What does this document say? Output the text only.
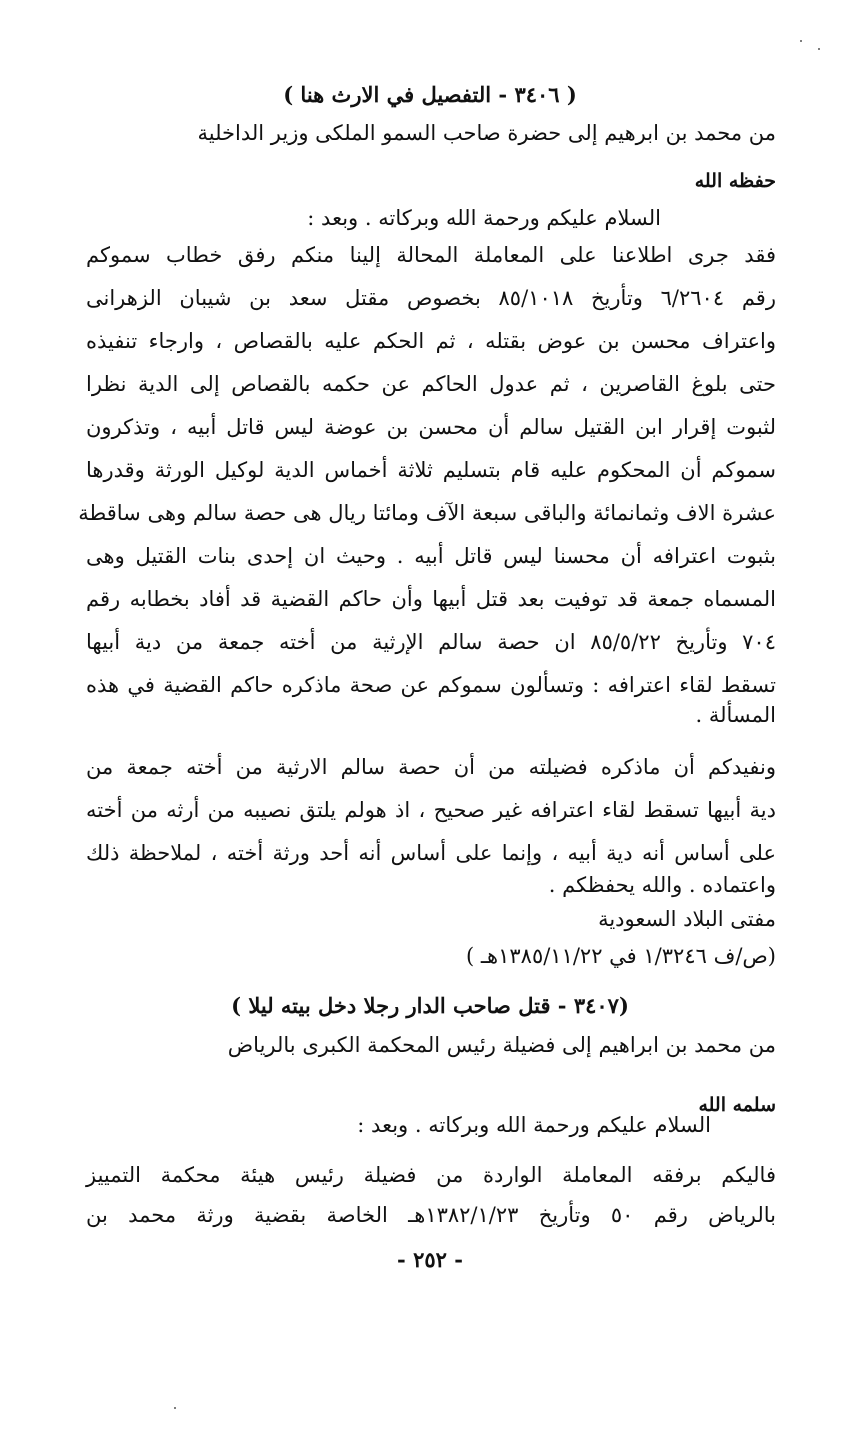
( ٣٤٠٦ - التفصيل في الارث هنا )
من محمد بن ابرهيم إلى حضرة صاحب السمو الملكى وزير الداخلية
حفظه الله
السلام عليكم ورحمة الله وبركاته . وبعد :
فقد جرى اطلاعنا على المعاملة المحالة إلينا منكم رفق خطاب سموكم
رقم ٦/٢٦٠٤ وتأريخ ٨٥/١٠١٨ بخصوص مقتل سعد بن شيبان الزهرانى
واعتراف محسن بن عوض بقتله ، ثم الحكم عليه بالقصاص ، وارجاء تنفيذه
حتى بلوغ القاصرين ، ثم عدول الحاكم عن حكمه بالقصاص إلى الدية نظرا
لثبوت إقرار ابن القتيل سالم أن محسن بن عوضة ليس قاتل أبيه ، وتذكرون
سموكم أن المحكوم عليه قام بتسليم ثلاثة أخماس الدية لوكيل الورثة وقدرها
عشرة الاف وثمانمائة والباقى سبعة الآف ومائتا ريال هى حصة سالم وهى ساقطة
بثبوت اعترافه أن محسنا ليس قاتل أبيه . وحيث ان إحدى بنات القتيل وهى
المسماه جمعة قد توفيت بعد قتل أبيها وأن حاكم القضية قد أفاد بخطابه رقم
٧٠٤ وتأريخ ٨٥/٥/٢٢ ان حصة سالم الإرثية من أخته جمعة من دية أبيها
تسقط لقاء اعترافه : وتسألون سموكم عن صحة ماذكره حاكم القضية في هذه
المسألة .
ونفيدكم أن ماذكره فضيلته من أن حصة سالم الارثية من أخته جمعة من
دية أبيها تسقط لقاء اعترافه غير صحيح ، اذ هولم يلتق نصيبه من أرثه من أخته
على أساس أنه دية أبيه ، وإنما على أساس أنه أحد ورثة أخته ، لملاحظة ذلك
واعتماده . والله يحفظكم .
مفتى البلاد السعودية
(ص/ف ١/٣٢٤٦ في ١٣٨٥/١١/٢٢هـ )
(٣٤٠٧ - قتل صاحب الدار رجلا دخل بيته ليلا )
من محمد بن ابراهيم إلى فضيلة رئيس المحكمة الكبرى بالرياض
سلمه الله
السلام عليكم ورحمة الله وبركاته . وبعد :
فاليكم برفقه المعاملة الواردة من فضيلة رئيس هيئة محكمة التمييز
بالرياض رقم ٥٠ وتأريخ ١٣٨٢/١/٢٣هـ الخاصة بقضية ورثة محمد بن
- ٢٥٢ -
